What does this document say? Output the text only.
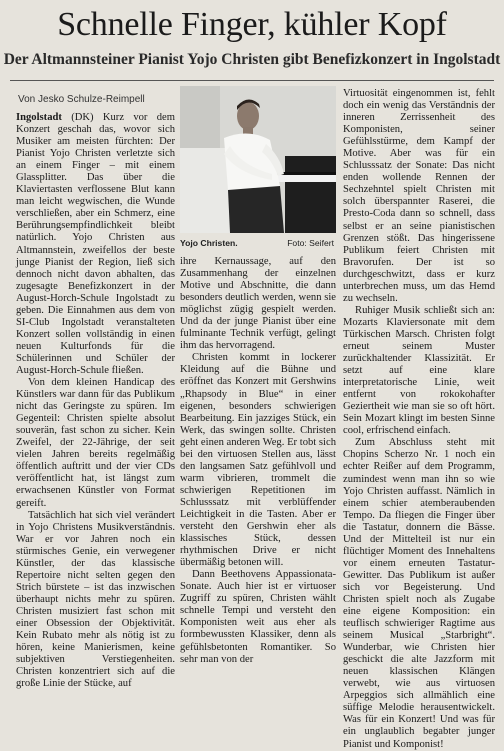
Schnelle Finger, kühler Kopf
Der Altmannsteiner Pianist Yojo Christen gibt Benefizkonzert in Ingolstadt
Von Jesko Schulze-Reimpell

Ingolstadt (DK) Kurz vor dem Konzert geschah das, wovor sich Musiker am meisten fürchten: Der Pianist Yojo Christen verletzte sich an einem Finger – mit einem Glassplitter. Das über die Klaviertasten verflossene Blut kann man leicht wegwischen, die Wunde verschließen, aber ein Schmerz, eine Berührungsempfindlichkeit bleibt natürlich. Yojo Christen aus Altmannstein, zweifellos der beste junge Pianist der Region, ließ sich dennoch nicht davon abhalten, das zugesagte Benefizkonzert in der August-Horch-Schule Ingolstadt zu geben. Die Einnahmen aus dem von SI-Club Ingolstadt veranstalteten Konzert sollen vollständig in einen neuen Kulturfonds für die Schülerinnen und Schüler der August-Horch-Schule fließen.

Von dem kleinen Handicap des Künstlers war dann für das Publikum nicht das Geringste zu spüren. Im Gegenteil: Christen spielte absolut souverän, fast schon zu sicher. Kein Zweifel, der 22-Jährige, der seit vielen Jahren bereits regelmäßig öffentlich auftritt und der vier CDs veröffentlicht hat, ist längst zum erwachsenen Künstler von Format gereift.

Tatsächlich hat sich viel verändert in Yojo Christens Musikverständnis. War er vor Jahren noch ein stürmisches Genie, ein verwegener Künstler, der das klassische Repertoire nicht selten gegen den Strich bürstete – ist das inzwischen überhaupt nichts mehr zu spüren. Christen musiziert fast schon mit einer Obsession der Objektivität. Kein Rubato mehr als nötig ist zu hören, keine Manierismen, keine subjektiven Verstiegenheiten. Christen konzentriert sich auf die große Linie der Stücke, auf

Yojo Christen.	Foto: Seifert

ihre Kernaussage, auf den Zusammenhang der einzelnen Motive und Abschnitte, die dann besonders deutlich werden, wenn sie möglichst zügig gespielt werden. Und da der junge Pianist über eine fulminante Technik verfügt, gelingt ihm das hervorragend.

Christen kommt in lockerer Kleidung auf die Bühne und eröffnet das Konzert mit Gershwins „Rhapsody in Blue“ in einer eigenen, besonders schwierigen Bearbeitung. Ein jazziges Stück, ein Werk, das swingen sollte. Christen geht einen anderen Weg. Er tobt sich bei den virtuosen Stellen aus, lässt den langsamen Satz gefühlvoll und warm vibrieren, trommelt die schwierigen Repetitionen im Schlusssatz mit verblüffender Leichtigkeit in die Tasten. Aber er versteht den Gershwin eher als klassisches Stück, dessen rhythmischen Drive er nicht übermäßig betonen will.

Dann Beethovens Appassionata-Sonate. Auch hier ist er virtuoser Zugriff zu spüren, Christen wählt schnelle Tempi und versteht den Komponisten weit aus eher als formbewussten Klassiker, denn als gefühlsbetonten Romantiker. So sehr man von der

Virtuosität eingenommen ist, fehlt doch ein wenig das Verständnis der inneren Zerrissenheit des Komponisten, seiner Gefühlsstürme, dem Kampf der Motive. Aber was für ein Schlusssatz der Sonate: Das nicht enden wollende Rennen der Sechzehntel spielt Christen mit solch überspannter Raserei, die Presto-Coda dann so schnell, dass selbst er an seine pianistischen Grenzen stößt. Das hingerissene Publikum feiert Christen mit Bravorufen. Der ist so durchgeschwitzt, dass er kurz unterbrechen muss, um das Hemd zu wechseln.

Ruhiger Musik schließt sich an: Mozarts Klaviersonate mit dem Türkischen Marsch. Christen folgt erneut seinem Muster zurückhaltender Klassizität. Er setzt auf eine klare interpretatorische Linie, weit entfernt von rokokohafter Geziertheit wie man sie so oft hört. Sein Mozart klingt im besten Sinne cool, erfrischend einfach.

Zum Abschluss steht mit Chopins Scherzo Nr. 1 noch ein echter Reißer auf dem Programm, zumindest wenn man ihn so wie Yojo Christen auffasst. Nämlich in einem schier atemberaubenden Tempo. Da fliegen die Finger über die Tastatur, donnern die Bässe. Und der Mittelteil ist nur ein flüchtiger Moment des Innehaltens vor einem erneuten Tastatur-Gewitter. Das Publikum ist außer sich vor Begeisterung. Und Christen spielt noch als Zugabe eine eigene Komposition: ein teuflisch schwieriger Ragtime aus seinem Musical „Starbright“. Wunderbar, wie Christen hier geschickt die alte Jazzform mit neuen klassischen Klängen verwebt, wie aus virtuosen Arpeggios sich allmählich eine süffige Melodie herausentwickelt. Was für ein Konzert! Und was für ein unglaublich begabter junger Pianist und Komponist!
